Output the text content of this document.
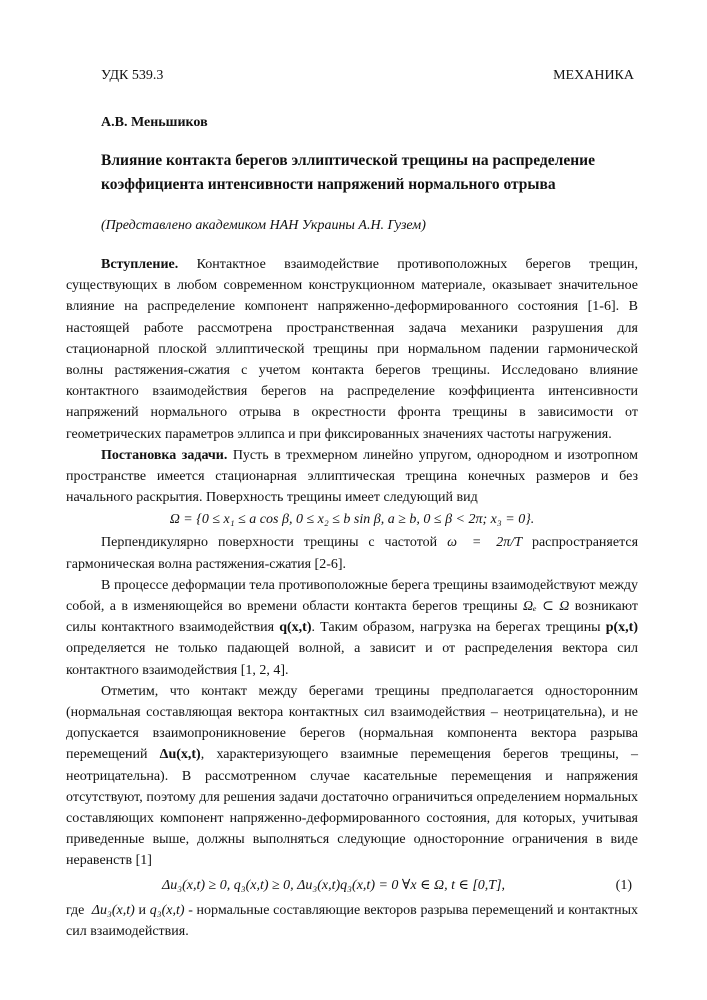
УДК 539.3	МЕХАНИКА
А.В. Меньшиков
Влияние контакта берегов эллиптической трещины на распределение коэффициента интенсивности напряжений нормального отрыва
(Представлено академиком НАН Украины А.Н. Гузем)

Вступление. Контактное взаимодействие противоположных берегов трещин, существующих в любом современном конструкционном материале, оказывает значительное влияние на распределение компонент напряженно-деформированного состояния [1-6]. В настоящей работе рассмотрена пространственная задача механики разрушения для стационарной плоской эллиптической трещины при нормальном падении гармонической волны растяжения-сжатия с учетом контакта берегов трещины. Исследовано влияние контактного взаимодействия берегов на распределение коэффициента интенсивности напряжений нормального отрыва в окрестности фронта трещины в зависимости от геометрических параметров эллипса и при фиксированных значениях частоты нагружения.

Постановка задачи. Пусть в трехмерном линейно упругом, однородном и изотропном пространстве имеется стационарная эллиптическая трещина конечных размеров и без начального раскрытия. Поверхность трещины имеет следующий вид

Ω = {0 ≤ x₁ ≤ a cos β, 0 ≤ x₂ ≤ b sin β, a ≥ b, 0 ≤ β < 2π; x₃ = 0}.

Перпендикулярно поверхности трещины с частотой ω = 2π/T распространяется гармоническая волна растяжения-сжатия [2-6].

В процессе деформации тела противоположные берега трещины взаимодействуют между собой, а в изменяющейся во времени области контакта берегов трещины Ωₑ ⊂ Ω возникают силы контактного взаимодействия q(x,t). Таким образом, нагрузка на берегах трещины p(x,t) определяется не только падающей волной, а зависит и от распределения вектора сил контактного взаимодействия [1, 2, 4].

Отметим, что контакт между берегами трещины предполагается односторонним (нормальная составляющая вектора контактных сил взаимодействия – неотрицательна), и не допускается взаимопроникновение берегов (нормальная компонента вектора разрыва перемещений Δu(x,t), характеризующего взаимные перемещения берегов трещины, – неотрицательна). В рассмотренном случае касательные перемещения и напряжения отсутствуют, поэтому для решения задачи достаточно ограничиться определением нормальных составляющих компонент напряженно-деформированного состояния, для которых, учитывая приведенные выше, должны выполняться следующие односторонние ограничения в виде неравенств [1]

Δu₃(x,t) ≥ 0, q₃(x,t) ≥ 0, Δu₃(x,t)q₃(x,t) = 0 ∀x ∈ Ω, t ∈ [0,T],	(1)

где Δu₃(x,t) и q₃(x,t) - нормальные составляющие векторов разрыва перемещений и контактных сил взаимодействия.
